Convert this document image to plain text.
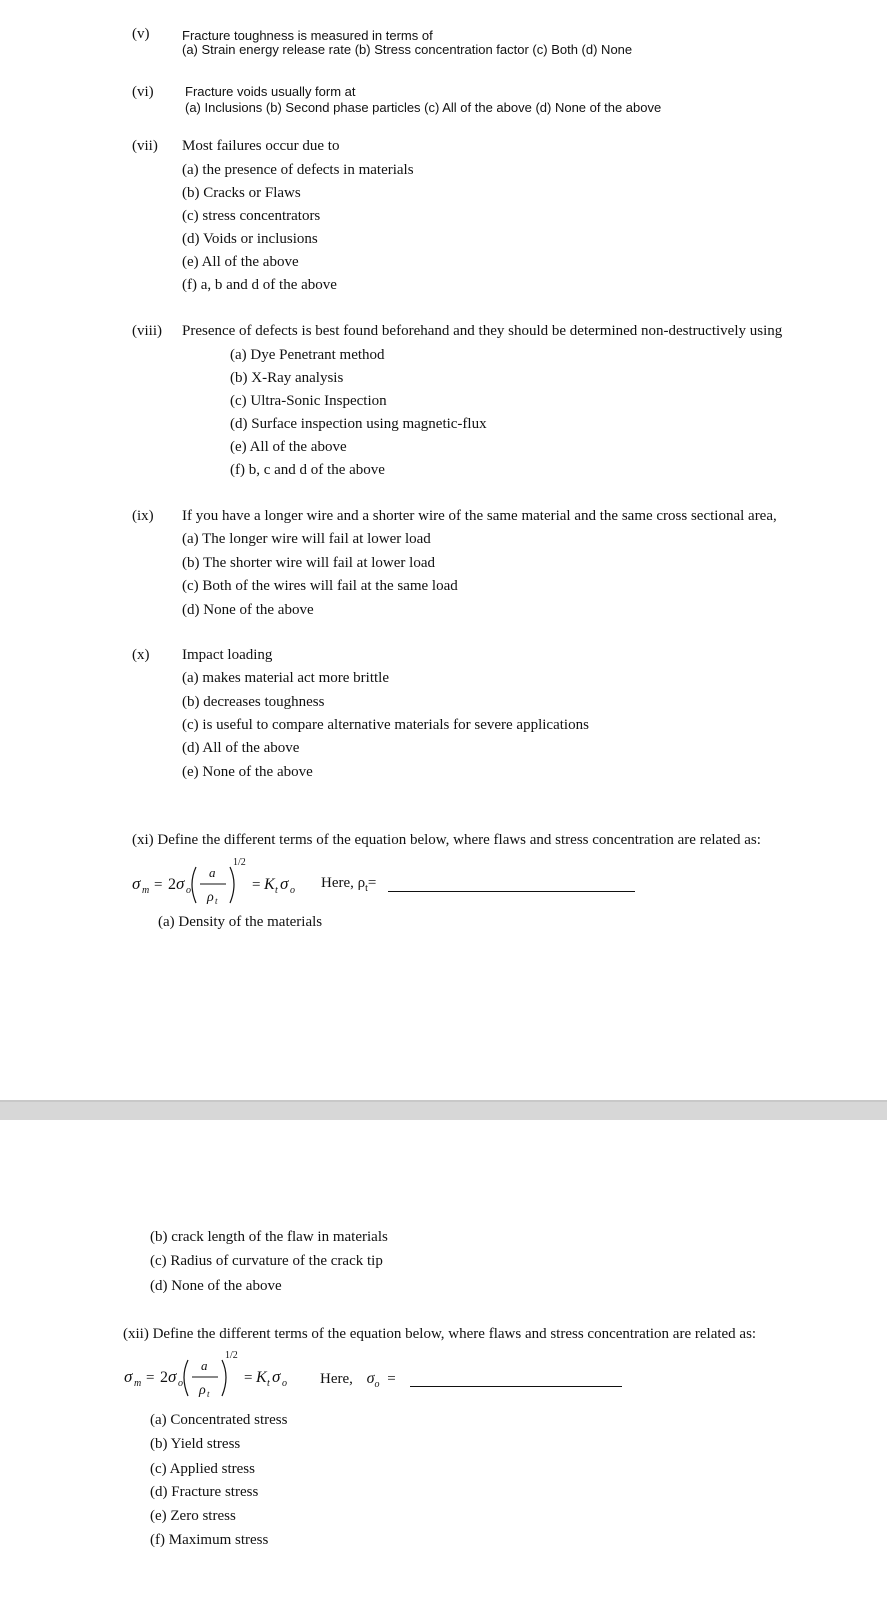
(v)	Fracture toughness is measured in terms of
(a) Strain energy release rate (b) Stress concentration factor (c) Both (d) None
(vi) Fracture voids usually form at
(a) Inclusions (b) Second phase particles (c) All of the above (d) None of the above
(vii) Most failures occur due to
(a) the presence of defects in materials
(b) Cracks or Flaws
(c) stress concentrators
(d) Voids or inclusions
(e) All of the above
(f) a, b and d of the above
(viii) Presence of defects is best found beforehand and they should be determined non-destructively using
(a) Dye Penetrant method
(b) X-Ray analysis
(c) Ultra-Sonic Inspection
(d) Surface inspection using magnetic-flux
(e) All of the above
(f) b, c and d of the above
(ix) If you have a longer wire and a shorter wire of the same material and the same cross sectional area,
(a) The longer wire will fail at lower load
(b) The shorter wire will fail at lower load
(c) Both of the wires will fail at the same load
(d) None of the above
(x) Impact loading
(a) makes material act more brittle
(b) decreases toughness
(c) is useful to compare alternative materials for severe applications
(d) All of the above
(e) None of the above
(xi) Define the different terms of the equation below, where flaws and stress concentration are related as:
σ m = 2 σ o
a
ρ t
1/2
= K t σ o Here, $\rho_t=$
(a) Density of the materials
(b) crack length of the flaw in materials
(c) Radius of curvature of the crack tip
(d) None of the above
(xii) Define the different terms of the equation below, where flaws and stress concentration are related as:
σ m = 2 σ o
a
ρ t
1/2
= K t σ o Here, $\sigma_o$ =
(a) Concentrated stress
(b) Yield stress
(c) Applied stress
(d) Fracture stress
(e) Zero stress
(f) Maximum stress
